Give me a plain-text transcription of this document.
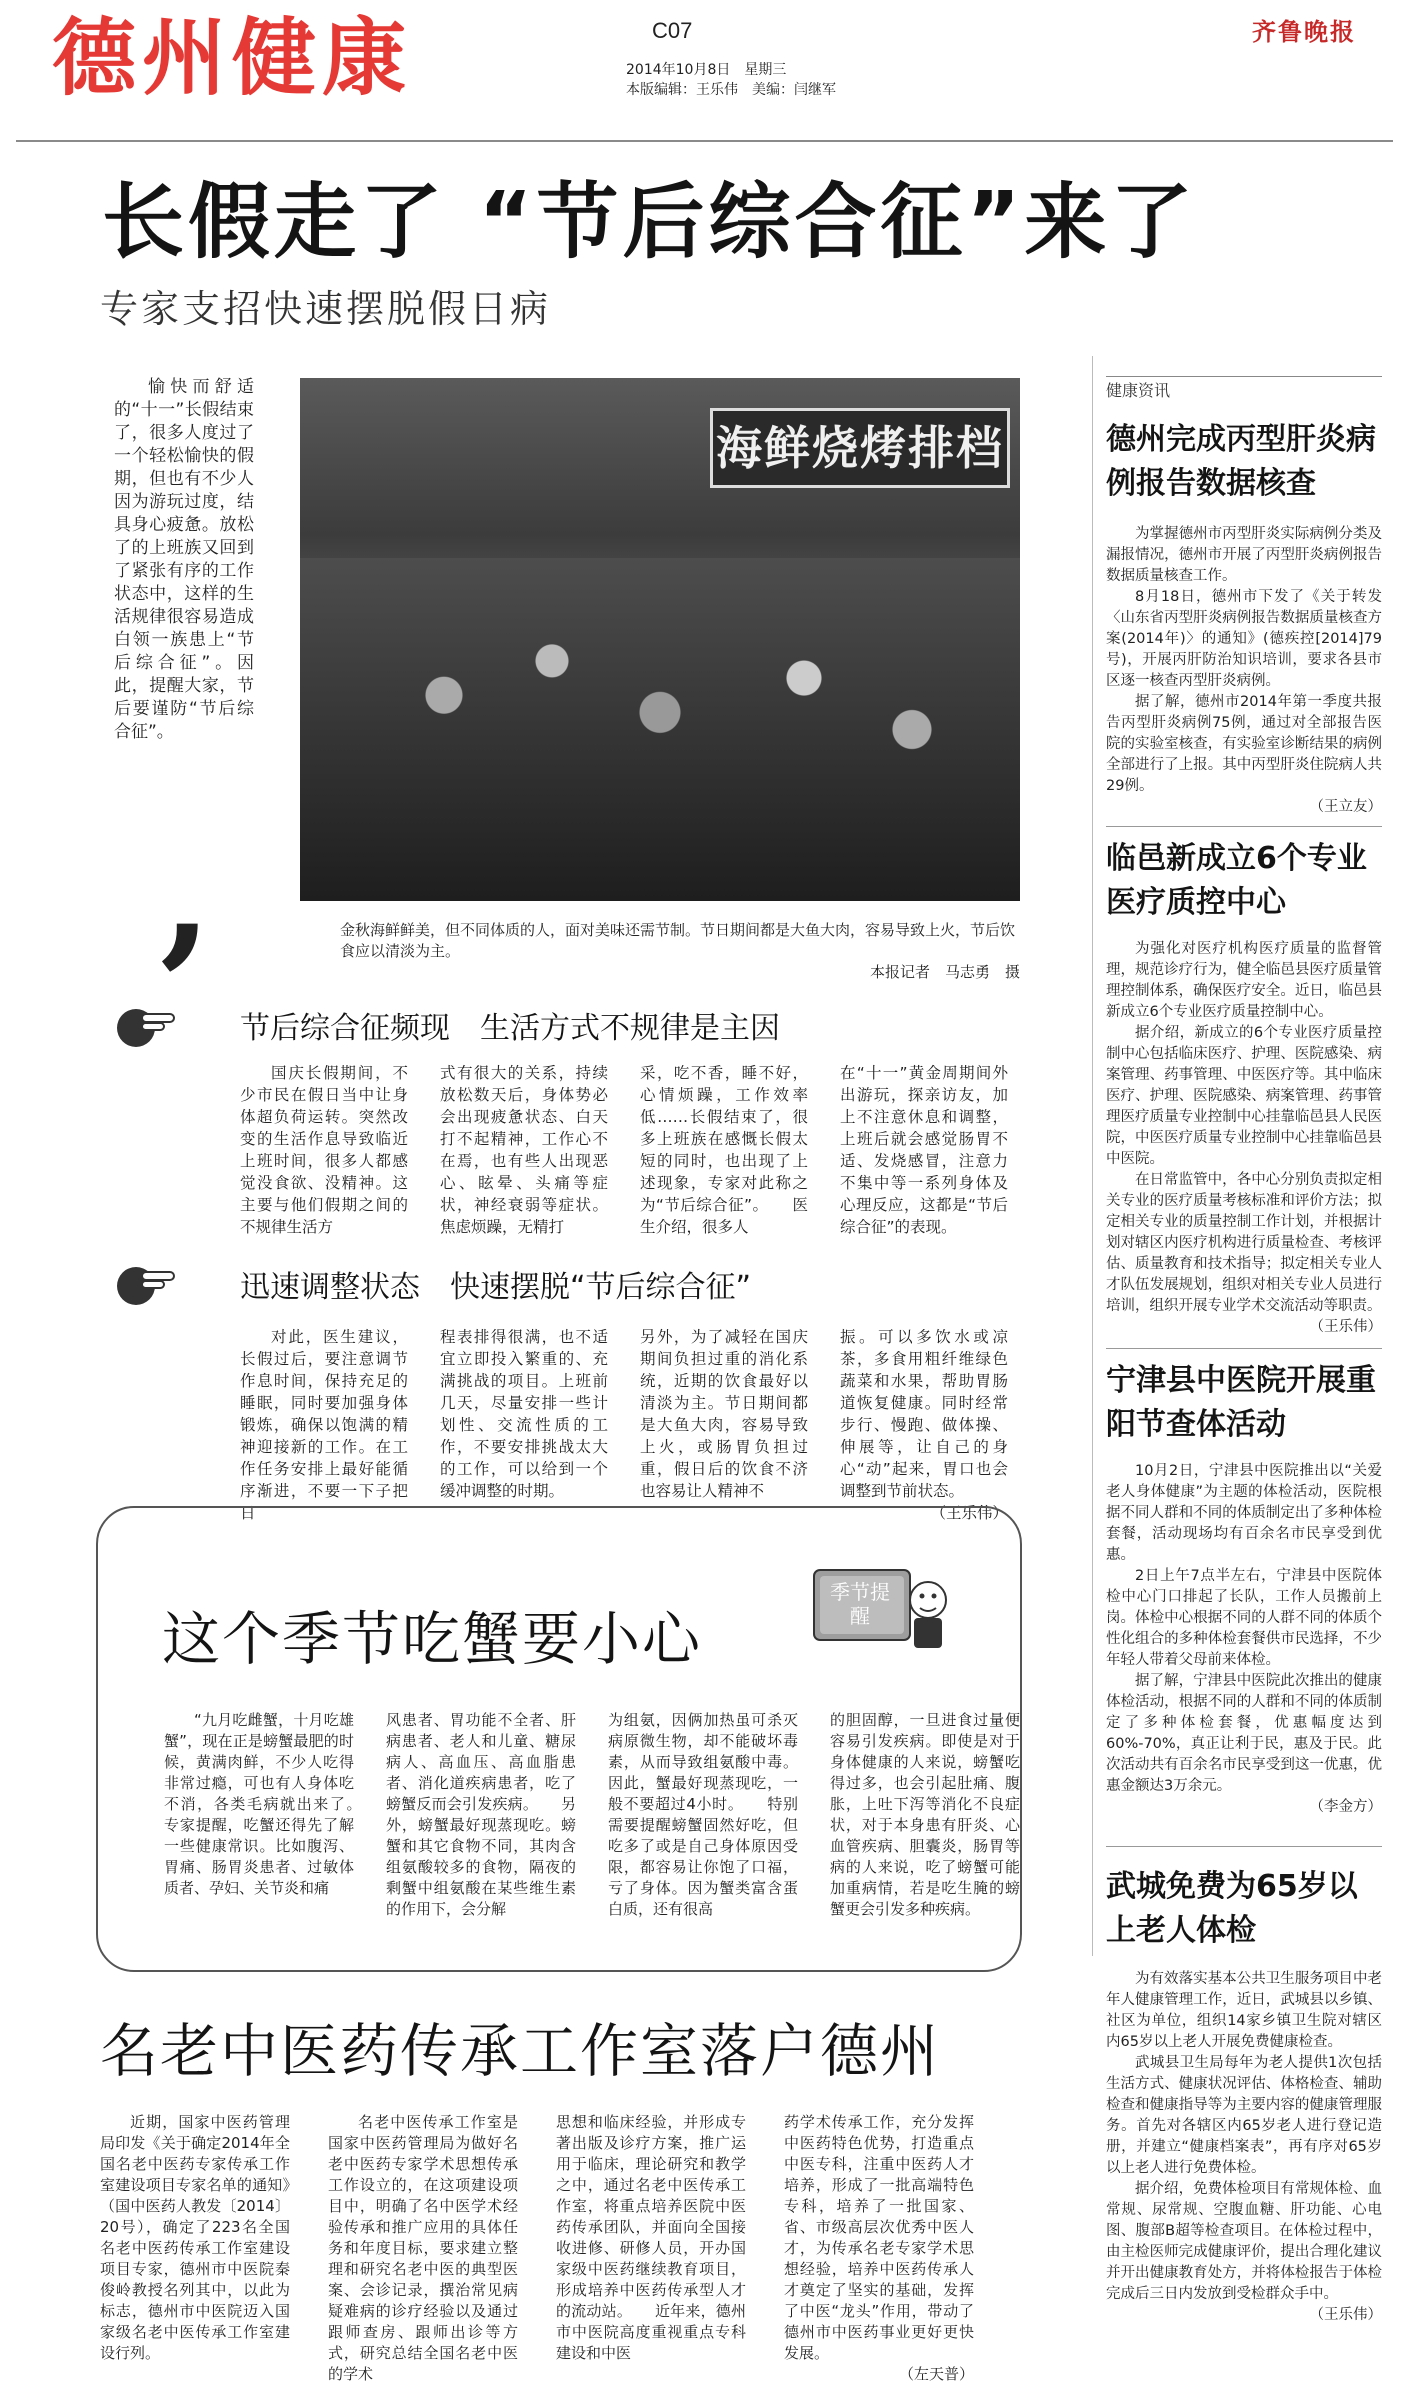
德州健康	C07
2014年10月8日　星期三
本版编辑：王乐伟　美编：闫继军
齐鲁晚报
长假走了 “节后综合征”来了
专家支招快速摆脱假日病
愉快而舒适的“十一”长假结束了，很多人度过了一个轻松愉快的假期，但也有不少人因为游玩过度，结具身心疲惫。放松了的上班族又回到了紧张有序的工作状态中，这样的生活规律很容易造成白领一族患上“节后综合征”。因此，提醒大家，节后要谨防“节后综合征”。
,
海鲜烧烤排档
金秋海鲜鲜美，但不同体质的人，面对美味还需节制。节日期间都是大鱼大肉，容易导致上火，节后饮食应以清淡为主。
本报记者　马志勇　摄
节后综合征频现　生活方式不规律是主因
国庆长假期间，不少市民在假日当中让身体超负荷运转。突然改变的生活作息导致临近上班时间，很多人都感觉没食欲、没精神。这主要与他们假期之间的不规律生活方
式有很大的关系，持续放松数天后，身体势必会出现疲惫状态、白天打不起精神，工作心不在焉，也有些人出现恶心、眩晕、头痛等症状，神经衰弱等症状。焦虑烦躁，无精打
采，吃不香，睡不好，心情烦躁，工作效率低……长假结束了，很多上班族在感慨长假太短的同时，也出现了上述现象，专家对此称之为“节后综合征”。　　医生介绍，很多人
在“十一”黄金周期间外出游玩，探亲访友，加上不注意休息和调整，上班后就会感觉肠胃不适、发烧感冒，注意力不集中等一系列身体及心理反应，这都是“节后综合征”的表现。
迅速调整状态　快速摆脱“节后综合征”
对此，医生建议，长假过后，要注意调节作息时间，保持充足的睡眠，同时要加强身体锻炼，确保以饱满的精神迎接新的工作。在工作任务安排上最好能循序渐进，不要一下子把日
程表排得很满，也不适宜立即投入繁重的、充满挑战的项目。上班前几天，尽量安排一些计划性、交流性质的工作，不要安排挑战太大的工作，可以给到一个缓冲调整的时期。
另外，为了减轻在国庆期间负担过重的消化系统，近期的饮食最好以清淡为主。节日期间都是大鱼大肉，容易导致上火，或肠胃负担过重，假日后的饮食不济也容易让人精神不
振。可以多饮水或凉茶，多食用粗纤维绿色蔬菜和水果，帮助胃肠道恢复健康。同时经常步行、慢跑、做体操、伸展等，让自己的身心“动”起来，胃口也会调整到节前状态。
（王乐伟）
这个季节吃蟹要小心
季节提醒
“九月吃雌蟹，十月吃雄蟹”，现在正是螃蟹最肥的时候，黄满肉鲜，不少人吃得非常过瘾，可也有人身体吃不消，各类毛病就出来了。　　专家提醒，吃蟹还得先了解一些健康常识。比如腹泻、胃痛、肠胃炎患者、过敏体质者、孕妇、关节炎和痛
风患者、胃功能不全者、肝病患者、老人和儿童、糖尿病人、高血压、高血脂患者、消化道疾病患者，吃了螃蟹反而会引发疾病。　　另外，螃蟹最好现蒸现吃。螃蟹和其它食物不同，其肉含组氨酸较多的食物，隔夜的剩蟹中组氨酸在某些维生素的作用下，会分解
为组氨，因俩加热虽可杀灭病原微生物，却不能破坏毒素，从而导致组氨酸中毒。因此，蟹最好现蒸现吃，一般不要超过4小时。　　特别需要提醒螃蟹固然好吃，但吃多了或是自己身体原因受限，都容易让你饱了口福，亏了身体。因为蟹类富含蛋白质，还有很高
的胆固醇，一旦进食过量便容易引发疾病。即使是对于身体健康的人来说，螃蟹吃得过多，也会引起肚痛、腹胀，上吐下泻等消化不良症状，对于本身患有肝炎、心血管疾病、胆囊炎，肠胃等病的人来说，吃了螃蟹可能加重病情，若是吃生腌的螃蟹更会引发多种疾病。
名老中医药传承工作室落户德州
近期，国家中医药管理局印发《关于确定2014年全国名老中医药专家传承工作室建设项目专家名单的通知》（国中医药人教发〔2014〕20号），确定了223名全国名老中医药传承工作室建设项目专家，德州市中医院秦俊岭教授名列其中，以此为标志，德州市中医院迈入国家级名老中医传承工作室建设行列。
名老中医传承工作室是国家中医药管理局为做好名老中医药专家学术思想传承工作设立的，在这项建设项目中，明确了名中医学术经验传承和推广应用的具体任务和年度目标，要求建立整理和研究名老中医的典型医案、会诊记录，撰治常见病疑难病的诊疗经验以及通过跟师查房、跟师出诊等方式，研究总结全国名老中医的学术
思想和临床经验，并形成专著出版及诊疗方案，推广运用于临床，理论研究和教学之中，通过名老中医传承工作室，将重点培养医院中医药传承团队，并面向全国接收进修、研修人员，开办国家级中医药继续教育项目，形成培养中医药传承型人才的流动站。　　近年来，德州市中医院高度重视重点专科建设和中医
药学术传承工作，充分发挥中医药特色优势，打造重点中医专科，注重中医药人才培养，形成了一批高端特色专科，培养了一批国家、省、市级高层次优秀中医人才，为传承名老专家学术思想经验，培养中医药传承人才奠定了坚实的基础，发挥了中医“龙头”作用，带动了德州市中医药事业更好更快发展。
（左天普）
健康资讯
德州完成丙型肝炎病例报告数据核查

为掌握德州市丙型肝炎实际病例分类及漏报情况，德州市开展了丙型肝炎病例报告数据质量核查工作。

8月18日，德州市下发了《关于转发〈山东省丙型肝炎病例报告数据质量核查方案(2014年)〉的通知》(德疾控[2014]79号)，开展丙肝防治知识培训，要求各县市区逐一核查丙型肝炎病例。

据了解，德州市2014年第一季度共报告丙型肝炎病例75例，通过对全部报告医院的实验室核查，有实验室诊断结果的病例全部进行了上报。其中丙型肝炎住院病人共29例。

（王立友）
临邑新成立6个专业医疗质控中心

为强化对医疗机构医疗质量的监督管理，规范诊疗行为，健全临邑县医疗质量管理控制体系，确保医疗安全。近日，临邑县新成立6个专业医疗质量控制中心。

据介绍，新成立的6个专业医疗质量控制中心包括临床医疗、护理、医院感染、病案管理、药事管理、中医医疗等。其中临床医疗、护理、医院感染、病案管理、药事管理医疗质量专业控制中心挂靠临邑县人民医院，中医医疗质量专业控制中心挂靠临邑县中医院。

在日常监管中，各中心分别负责拟定相关专业的医疗质量考核标准和评价方法；拟定相关专业的质量控制工作计划，并根据计划对辖区内医疗机构进行质量检查、考核评估、质量教育和技术指导；拟定相关专业人才队伍发展规划，组织对相关专业人员进行培训，组织开展专业学术交流活动等职责。

（王乐伟）
宁津县中医院开展重阳节查体活动

10月2日，宁津县中医院推出以“关爱老人身体健康”为主题的体检活动，医院根据不同人群和不同的体质制定出了多种体检套餐，活动现场均有百余名市民享受到优惠。

2日上午7点半左右，宁津县中医院体检中心门口排起了长队，工作人员搬前上岗。体检中心根据不同的人群不同的体质个性化组合的多种体检套餐供市民选择，不少年轻人带着父母前来体检。

据了解，宁津县中医院此次推出的健康体检活动，根据不同的人群和不同的体质制定了多种体检套餐，优惠幅度达到60%-70%，真正让利于民，惠及于民。此次活动共有百余名市民享受到这一优惠，优惠金额达3万余元。

（李金方）
武城免费为65岁以上老人体检

为有效落实基本公共卫生服务项目中老年人健康管理工作，近日，武城县以乡镇、社区为单位，组织14家乡镇卫生院对辖区内65岁以上老人开展免费健康检查。

武城县卫生局每年为老人提供1次包括生活方式、健康状况评估、体格检查、辅助检查和健康指导等为主要内容的健康管理服务。首先对各辖区内65岁老人进行登记造册，并建立“健康档案表”，再有序对65岁以上老人进行免费体检。

据介绍，免费体检项目有常规体检、血常规、尿常规、空腹血糖、肝功能、心电图、腹部B超等检查项目。在体检过程中，由主检医师完成健康评价，提出合理化建议并开出健康教育处方，并将体检报告于体检完成后三日内发放到受检群众手中。

（王乐伟）
